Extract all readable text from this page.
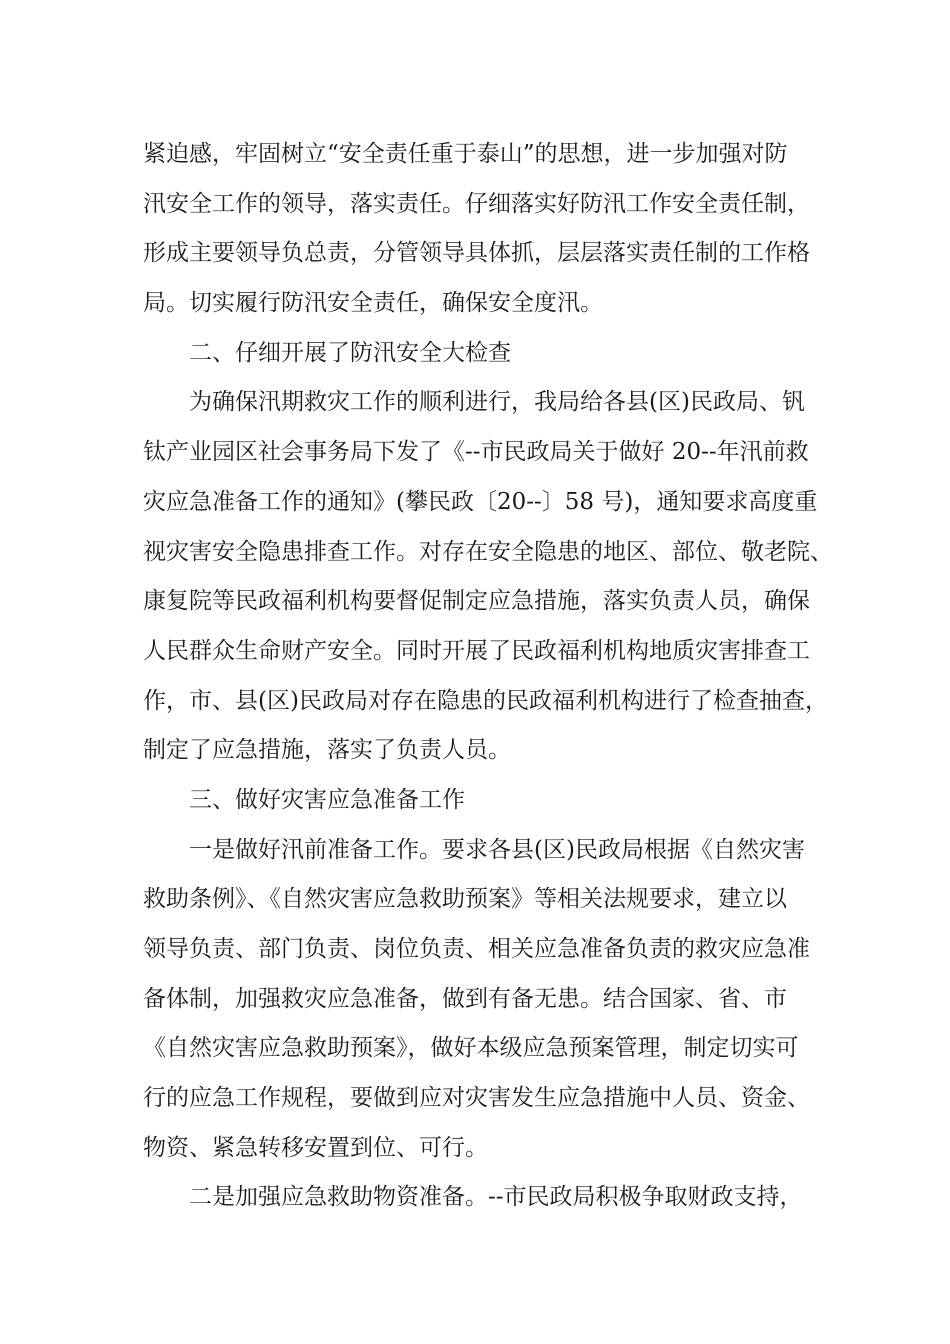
紧迫感，牢固树立“安全责任重于泰山”的思想，进一步加强对防
汛安全工作的领导，落实责任。仔细落实好防汛工作安全责任制，
形成主要领导负总责，分管领导具体抓，层层落实责任制的工作格
局。切实履行防汛安全责任，确保安全度汛。
二、仔细开展了防汛安全大检查
为确保汛期救灾工作的顺利进行，我局给各县(区)民政局、钒
钛产业园区社会事务局下发了《--市民政局关于做好 20--年汛前救
灾应急准备工作的通知》(攀民政〔20--〕58 号)，通知要求高度重
视灾害安全隐患排查工作。对存在安全隐患的地区、部位、敬老院、
康复院等民政福利机构要督促制定应急措施，落实负责人员，确保
人民群众生命财产安全。同时开展了民政福利机构地质灾害排查工
作，市、县(区)民政局对存在隐患的民政福利机构进行了检查抽查，
制定了应急措施，落实了负责人员。
三、做好灾害应急准备工作
一是做好汛前准备工作。要求各县(区)民政局根据《自然灾害
救助条例》、《自然灾害应急救助预案》等相关法规要求，建立以
领导负责、部门负责、岗位负责、相关应急准备负责的救灾应急准
备体制，加强救灾应急准备，做到有备无患。结合国家、省、市
《自然灾害应急救助预案》，做好本级应急预案管理，制定切实可
行的应急工作规程，要做到应对灾害发生应急措施中人员、资金、
物资、紧急转移安置到位、可行。
二是加强应急救助物资准备。--市民政局积极争取财政支持，
